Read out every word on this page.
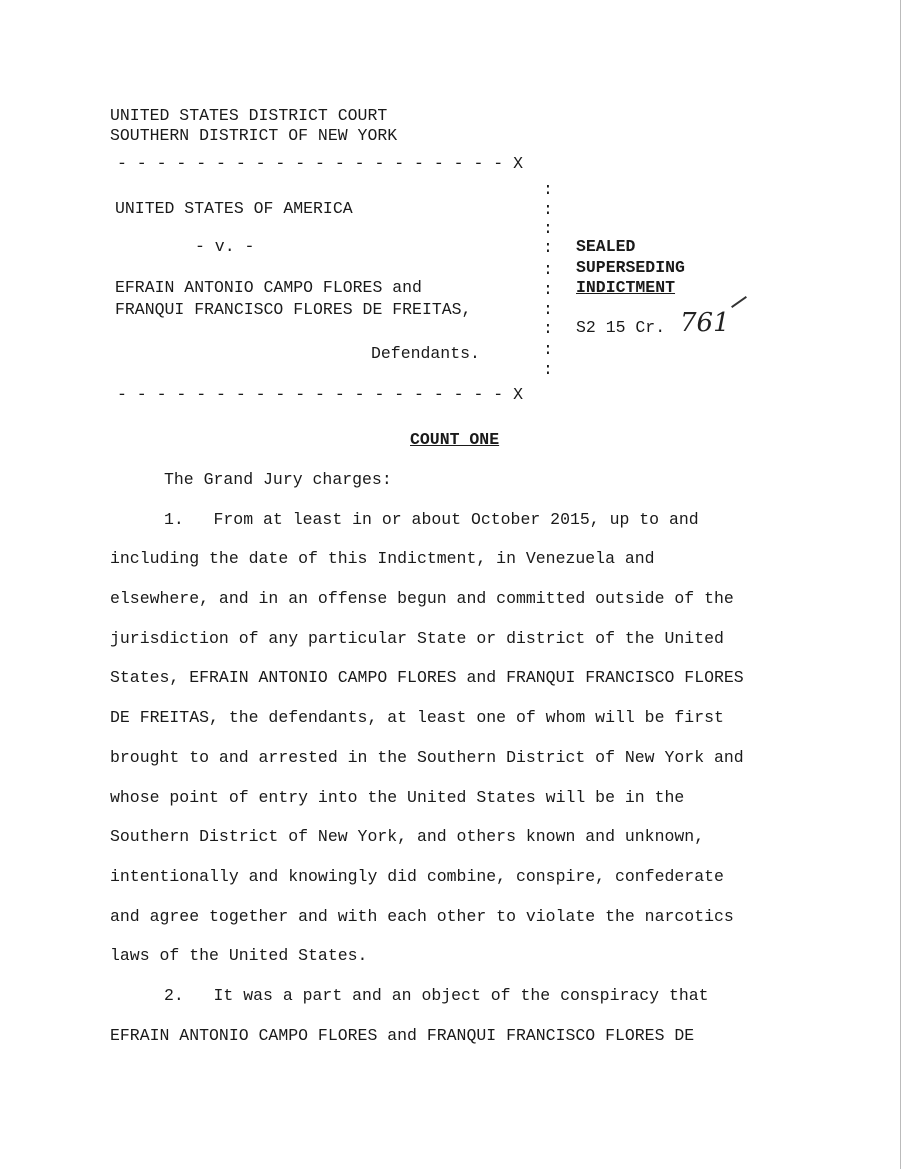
UNITED STATES DISTRICT COURT
SOUTHERN DISTRICT OF NEW YORK
- - - - - - - - - - - - - - - - - - - - X
:
:
:
:
:
:
:
:
:
:
UNITED STATES OF AMERICA
- v. -
EFRAIN ANTONIO CAMPO FLORES and
FRANQUI FRANCISCO FLORES DE FREITAS,
Defendants.
- - - - - - - - - - - - - - - - - - - - X
SEALED
SUPERSEDING
INDICTMENT
S2 15 Cr. 761
COUNT ONE
The Grand Jury charges:
1.   From at least in or about October 2015, up to and
including the date of this Indictment, in Venezuela and
elsewhere, and in an offense begun and committed outside of the
jurisdiction of any particular State or district of the United
States, EFRAIN ANTONIO CAMPO FLORES and FRANQUI FRANCISCO FLORES
DE FREITAS, the defendants, at least one of whom will be first
brought to and arrested in the Southern District of New York and
whose point of entry into the United States will be in the
Southern District of New York, and others known and unknown,
intentionally and knowingly did combine, conspire, confederate
and agree together and with each other to violate the narcotics
laws of the United States.
2.   It was a part and an object of the conspiracy that
EFRAIN ANTONIO CAMPO FLORES and FRANQUI FRANCISCO FLORES DE
